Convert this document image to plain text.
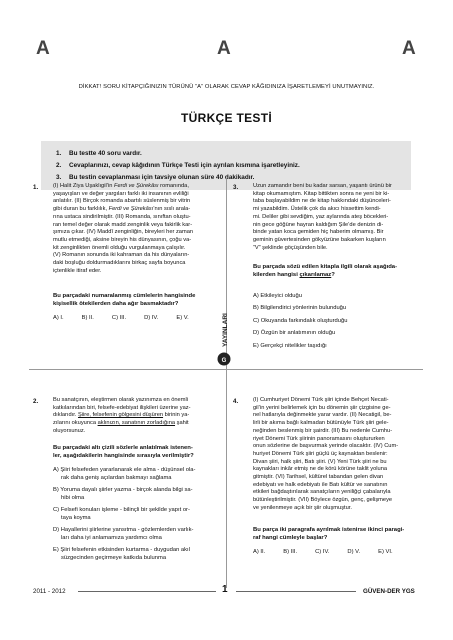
A	A	A
DİKKAT! SORU KİTAPÇIĞINIZIN TÜRÜNÜ “A” OLARAK CEVAP KÂĞIDINIZA İŞARETLEMEYİ UNUTMAYINIZ.
TÜRKÇE TESTİ
1. Bu testte 40 soru vardır.
2. Cevaplarınızı, cevap kâğıdının Türkçe Testi için ayrılan kısmına işaretleyiniz.
3. Bu testin cevaplanması için tavsiye olunan süre 40 dakikadır.
G
YAYINLARI
1.	(I) Halit Ziya Uşaklıgil’in Ferdi ve Şürekâsı romanında,
yaşayışları ve değer yargıları farklı iki insanının evliliği
anlatılır. (II) Birçok romanda abartılı süslenmiş bir vitrin
gibi duran bu farklılık, Ferdi ve Şürekâsı’nın sıslı arala-
rına ustaca sindirilmiştir. (III) Romanda, sınıftan oluştu-
ran temel değer olarak madd zenginlik veya fakirlik kar-
şımıza çıkar. (IV) Maddî zenginliğin, bireyleri her zaman
mutlu etmediği, aksine bireyin his dünyasının, çoğu va-
kit zenginlikten önemli olduğu vurgulanmaya çalışılır.
(V) Romanın sonunda iki kahraman da his dünyaların-
daki boşluğu doldurmadıklarını birkaç sayfa boyunca
içtenlikle itiraf eder.
Bu parçadaki numaralanmış cümlelerin hangisinde
kişisellik ötekilerden daha ağır basmaktadır?
A) I.	B) II.	C) III.	D) IV.	E) V.
3.	Uzun zamandır beni bu kadar sarsan, yaşantı ürünü bir
kitap okumamıştım. Kitap bittikten sonra ne yeni bir ki-
taba başlayabildim ne de kitap hakkındaki düşünceleri-
mi yazabildim. Üstelik çok da akıcı hissettim kendi-
mi. Deliler gibi sevdiğim, yaz aylarında ateş böcekleri-
nin gece göğüne hayran kaldığım Şile’de denizin di-
binde yatan koca gemiden hiç haberim olmamış. Bir
geminin güvertesinden gökyüzüne bakarken kuşların
“V” şeklinde göçüşünden bile.
Bu parçada sözü edilen kitapla ilgili olarak aşağıda-
kilerden hangisi çıkarılamaz?
A) Etkileyici olduğu
B) Bilgilendirici yönlerinin bulunduğu
C) Okuyanda farkındalık oluşturduğu
D) Özgün bir anlatımının olduğu
E) Gerçekçi nitelikler taşıdığı
2.	Bu sanatçının, eleştirmen olarak yazınımza en önemli
katkılarından biri, felsefe-edebiyat ilişkileri üzerine yaz-
dıklarıdır. Şiire, felsefenin gölgesini düşüren birinin ya-
zılarını okuyunca aklınızın, sanatının zorladığına şahit
oluyorsunuz.
Bu parçadaki altı çizili sözlerle anlatılmak istenen-
ler, aşağıdakilerin hangisinde sırasıyla verilmiştir?
A) Şiiri felsefeden yararlanarak ele alma - düşünsel ola-
rak daha geniş açılardan bakmayı sağlama
B) Yoruma dayalı şiirler yazma - birçok alanda bilgi sa-
hibi olma
C) Felsefi konuları işleme - bilinçli bir şekilde yapıt or-
taya koyma
D) Hayallerini şiirlerine yansıtma - gözlemlerden varlık-
ları daha iyi anlamamıza yardımcı olma
E) Şiiri felsefenin etkisinden kurtarma - duygudan akıl
süzgecinden geçirmeye katkıda bulunma
4.	(I) Cumhuriyet Dönemi Türk şiiri içinde Behçet Necati-
gil’in yerini belirlemek için bu dönemin şiir çizgisine ge-
nel hatlarıyla değinmekte yarar vardır. (II) Necatigil, be-
lirli bir akıma bağlı kalmadan bütünüyle Türk şiiri gele-
neğinden beslenmiş bir şairdir. (III) Bu nedenle Cumhu-
riyet Dönemi Türk şiirinin panoramasını oluştururken
onun sözlerine de başvurmak yerinde olacaktır. (IV) Cum-
huriyet Dönemi Türk şiiri güçlü üç kaynaktan beslenir:
Divan şiiri, halk şiiri, Batı şiiri. (V) Yeni Türk şiiri ne bu
kaynakları inkâr etmiş ne de körü körüne taklit yoluna
gitmiştir. (VI) Tarihsel, kültürel tabandan gelen divan
edebiyatı ve halk edebiyatı ile Batı kültür ve sanatının
etkileri bağdaştırılarak sanatçıların yeniliğçi çabalarıyla
bütünleştirilmiştir. (VII) Böylece özgün, genç, gelişmeye
ve yenilenmeye açık bir şiir oluşmuştur.
Bu parça iki paragrafa ayrılmak istenirse ikinci paragi-
raf hangi cümleyle başlar?
A) II.	B) III.	C) IV.	D) V.	E) VI.
2011 - 2012	1	GÜVEN-DER YGS
